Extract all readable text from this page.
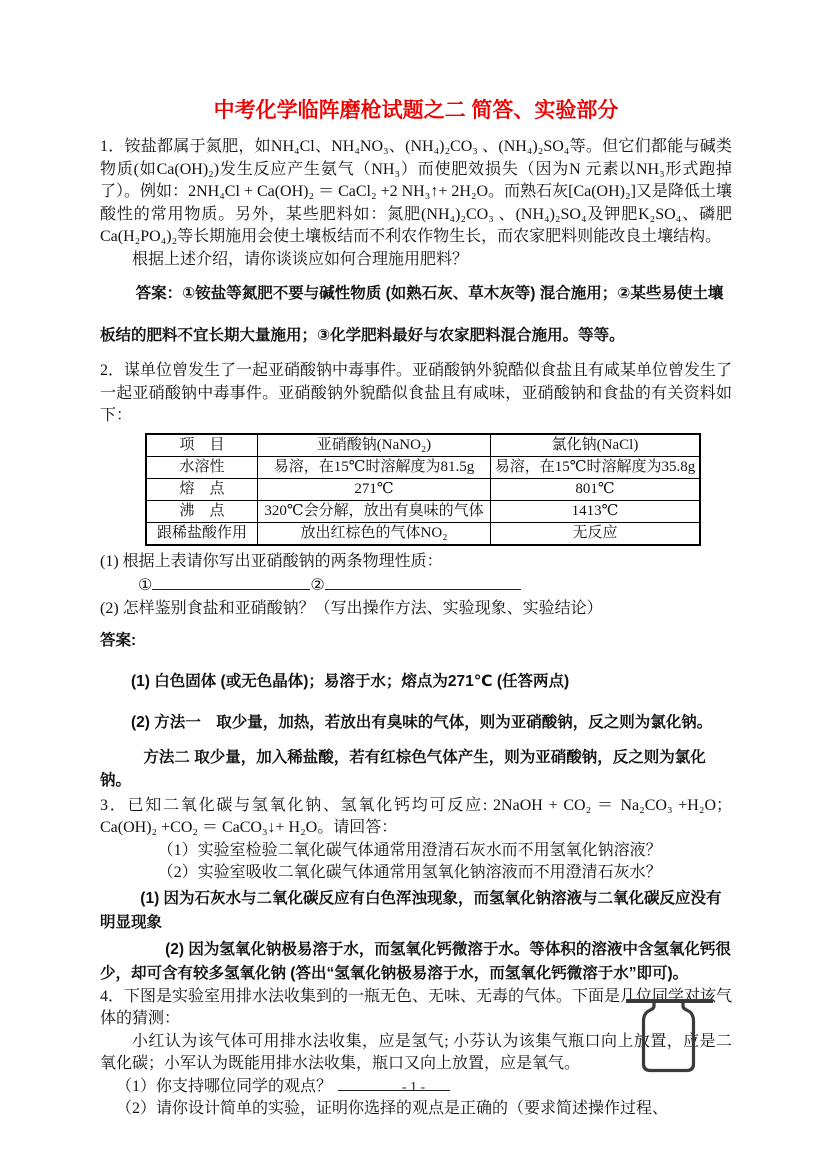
中考化学临阵磨枪试题之二 简答、实验部分

1．铵盐都属于氮肥，如NH₄Cl、NH₄NO₃、(NH₄)₂CO₃ 、(NH₄)₂SO₄等。但它们都能与碱类物质(如Ca(OH)₂)发生反应产生氨气（NH₃）而使肥效损失（因为N 元素以NH₃形式跑掉了）。例如：2NH₄Cl + Ca(OH)₂ ＝ CaCl₂ +2 NH₃↑+ 2H₂O。而熟石灰[Ca(OH)₂]又是降低土壤酸性的常用物质。另外，某些肥料如：氮肥(NH₄)₂CO₃ 、(NH₄)₂SO₄及钾肥K₂SO₄、磷肥Ca(H₂PO₄)₂等长期施用会使土壤板结而不利农作物生长，而农家肥料则能改良土壤结构。

根据上述介绍，请你谈谈应如何合理施用肥料？

答案：①铵盐等氮肥不要与碱性物质 (如熟石灰、草木灰等) 混合施用；②某些易使土壤板结的肥料不宜长期大量施用；③化学肥料最好与农家肥料混合施用。等等。

2．谋单位曾发生了一起亚硝酸钠中毒事件。亚硝酸钠外貌酷似食盐且有咸某单位曾发生了一起亚硝酸钠中毒事件。亚硝酸钠外貌酷似食盐且有咸味，亚硝酸钠和食盐的有关资料如下：

项　目	亚硝酸钠(NaNO₂)	氯化钠(NaCl)
水溶性	易溶，在15℃时溶解度为81.5g	易溶，在15℃时溶解度为35.8g
熔　点	271℃	801℃
沸　点	320℃会分解，放出有臭味的气体	1413℃
跟稀盐酸作用	放出红棕色的气体NO₂	无反应

(1) 根据上表请你写出亚硝酸钠的两条物理性质：

①	②

(2) 怎样鉴别食盐和亚硝酸钠？（写出操作方法、实验现象、实验结论）

答案:

(1) 白色固体 (或无色晶体)；易溶于水；熔点为271℃ (任答两点)

(2) 方法一　取少量，加热，若放出有臭味的气体，则为亚硝酸钠，反之则为氯化钠。

方法二 取少量，加入稀盐酸，若有红棕色气体产生，则为亚硝酸钠，反之则为氯化钠。

3．已知二氧化碳与氢氧化钠、氢氧化钙均可反应: 2NaOH + CO₂ ＝ Na₂CO₃ +H₂O；Ca(OH)₂ +CO₂ ＝ CaCO₃↓+ H₂O。请回答：

（1）实验室检验二氧化碳气体通常用澄清石灰水而不用氢氧化钠溶液？

（2）实验室吸收二氧化碳气体通常用氢氧化钠溶液而不用澄清石灰水？

(1) 因为石灰水与二氧化碳反应有白色浑浊现象，而氢氧化钠溶液与二氧化碳反应没有明显现象

(2) 因为氢氧化钠极易溶于水，而氢氧化钙微溶于水。等体积的溶液中含氢氧化钙很少，却可含有较多氢氧化钠 (答出“氢氧化钠极易溶于水，而氢氧化钙微溶于水”即可)。

4．下图是实验室用排水法收集到的一瓶无色、无味、无毒的气体。下面是几位同学对该气体的猜测：

小红认为该气体可用排水法收集，应是氢气; 小芬认为该集气瓶口向上放置，应是二氧化碳；小军认为既能用排水法收集，瓶口又向上放置，应是氧气。

（1）你支持哪位同学的观点？

（2）请你设计简单的实验，证明你选择的观点是正确的（要求简述操作过程、

- 1 -
